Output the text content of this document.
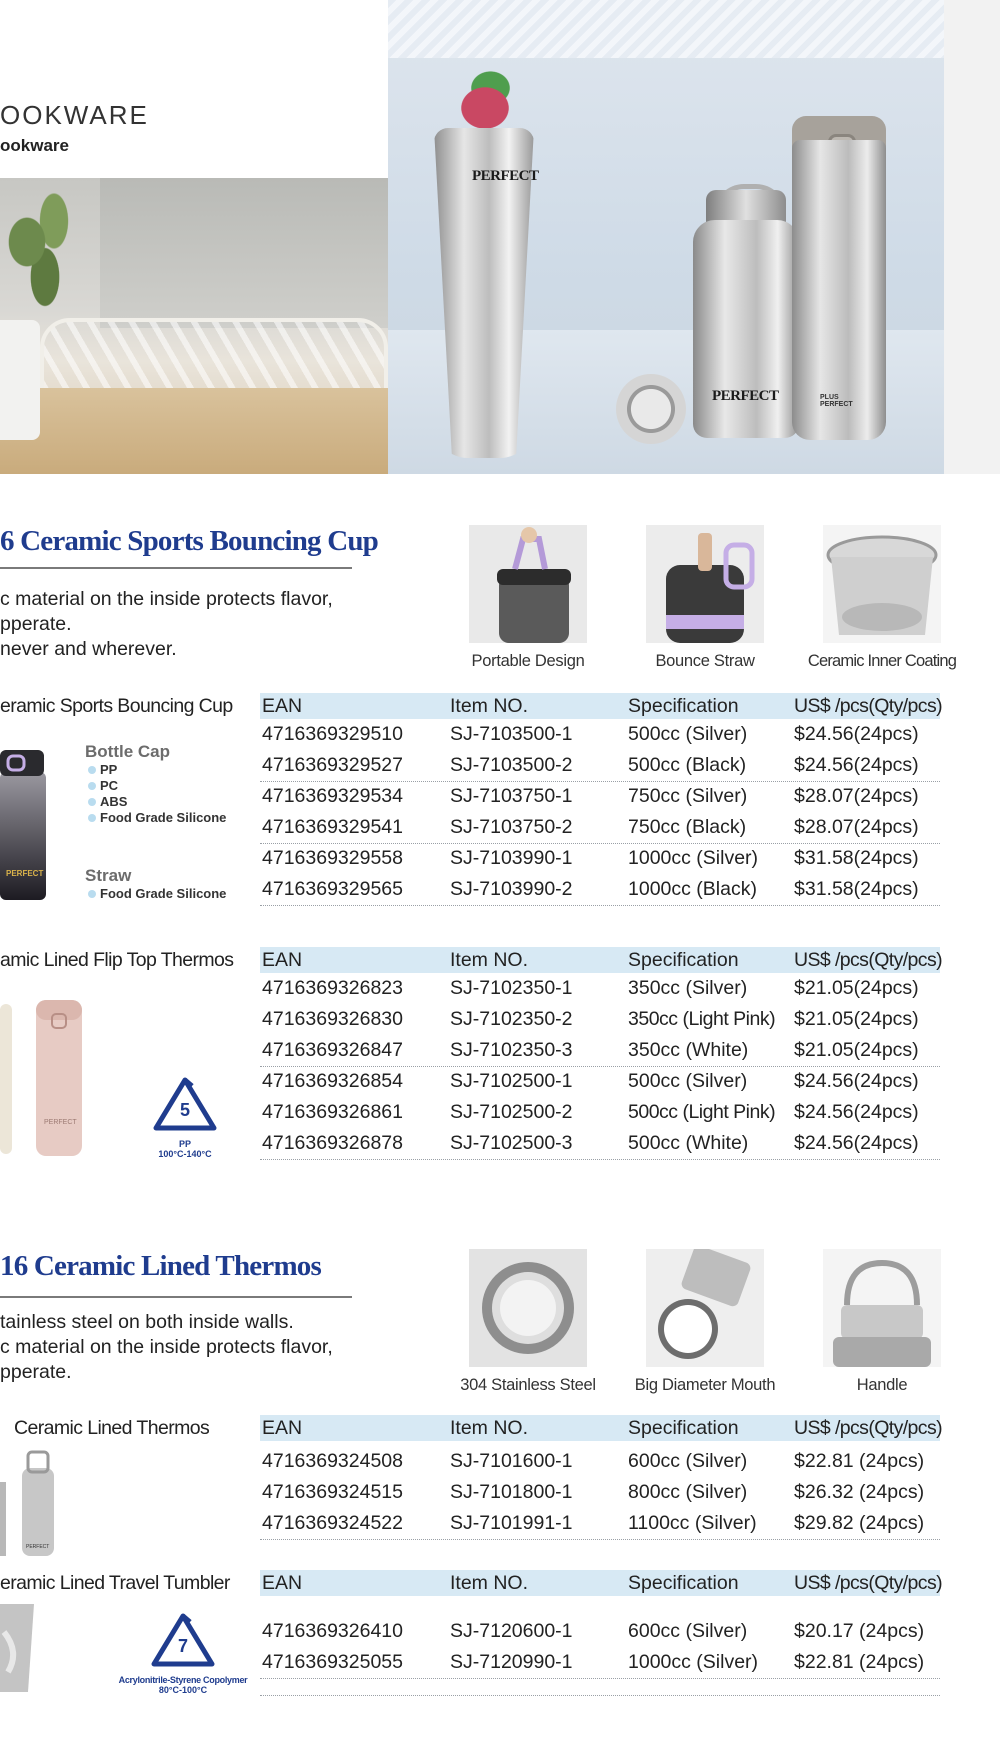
OOKWARE
ookware
PERFECT
PERFECT	PLUS PERFECT
6 Ceramic Sports Bouncing Cup
c material on the inside protects flavor,
pperate.
never and wherever.
Portable Design	Bounce Straw	Ceramic Inner Coating
EAN	Item NO.	Specification	US$ /pcs(Qty/pcs)
eramic Sports Bouncing Cup
4716369329510 SJ-7103500-1	500cc (Silver) $24.56(24pcs)
4716369329527 SJ-7103500-2	500cc (Black) $24.56(24pcs)
4716369329534 SJ-7103750-1	750cc (Silver) $28.07(24pcs)
4716369329541 SJ-7103750-2	750cc (Black) $28.07(24pcs)
4716369329558 SJ-7103990-1	1000cc (Silver) $31.58(24pcs)
4716369329565 SJ-7103990-2	1000cc (Black) $31.58(24pcs)
PERFECT
Bottle Cap
PP
PC
ABS
Food Grade Silicone
Straw
Food Grade Silicone
EAN	Item NO.	Specification	US$ /pcs(Qty/pcs)
amic Lined Flip Top Thermos
4716369326823 SJ-7102350-1	350cc (Silver) $21.05(24pcs)
4716369326830 SJ-7102350-2	350cc (Light Pink) $21.05(24pcs)
4716369326847 SJ-7102350-3	350cc (White) $21.05(24pcs)
4716369326854 SJ-7102500-1	500cc (Silver) $24.56(24pcs)
4716369326861 SJ-7102500-2	500cc (Light Pink) $24.56(24pcs)
4716369326878 SJ-7102500-3	500cc (White) $24.56(24pcs)
PERFECT
5
PP
100°C-140°C
16 Ceramic Lined Thermos
tainless steel on both inside walls.
c material on the inside protects flavor,
pperate.
304 Stainless Steel	Big Diameter Mouth	Handle
EAN	Item NO.	Specification	US$ /pcs(Qty/pcs)
Ceramic Lined Thermos
4716369324508 SJ-7101600-1	600cc (Silver) $22.81 (24pcs)
4716369324515 SJ-7101800-1	800cc (Silver) $26.32 (24pcs)
4716369324522 SJ-7101991-1	1100cc (Silver) $29.82 (24pcs)
PERFECT
EAN	Item NO.	Specification	US$ /pcs(Qty/pcs)
eramic Lined Travel Tumbler
4716369326410 SJ-7120600-1	600cc (Silver) $20.17 (24pcs)
4716369325055 SJ-7120990-1	1000cc (Silver) $22.81 (24pcs)
7
Acrylonitrile-Styrene Copolymer
80°C-100°C
